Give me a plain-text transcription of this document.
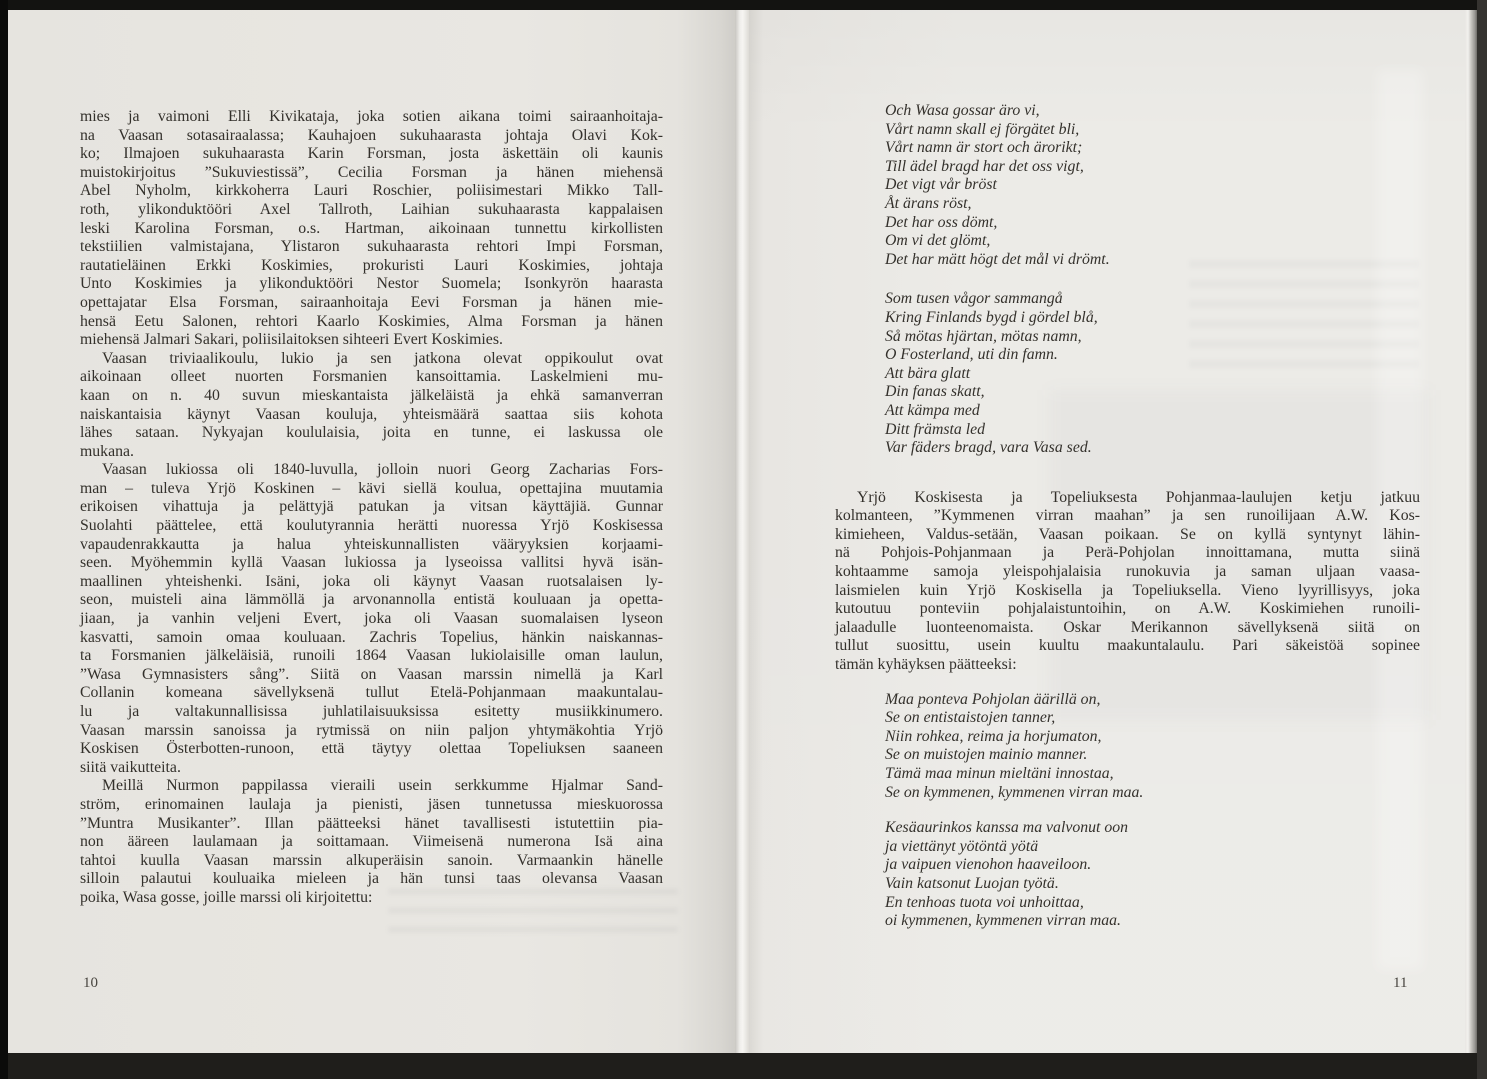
mies ja vaimoni Elli Kivikataja, joka sotien aikana toimi sairaanhoitaja-
na Vaasan sotasairaalassa; Kauhajoen sukuhaarasta johtaja Olavi Kok-
ko; Ilmajoen sukuhaarasta Karin Forsman, josta äskettäin oli kaunis
muistokirjoitus ”Sukuviestissä”, Cecilia Forsman ja hänen miehensä
Abel Nyholm, kirkkoherra Lauri Roschier, poliisimestari Mikko Tall-
roth, ylikonduktööri Axel Tallroth, Laihian sukuhaarasta kappalaisen
leski Karolina Forsman, o.s. Hartman, aikoinaan tunnettu kirkollisten
tekstiilien valmistajana, Ylistaron sukuhaarasta rehtori Impi Forsman,
rautatieläinen Erkki Koskimies, prokuristi Lauri Koskimies, johtaja
Unto Koskimies ja ylikonduktööri Nestor Suomela; Isonkyrön haarasta
opettajatar Elsa Forsman, sairaanhoitaja Eevi Forsman ja hänen mie-
hensä Eetu Salonen, rehtori Kaarlo Koskimies, Alma Forsman ja hänen
miehensä Jalmari Sakari, poliisilaitoksen sihteeri Evert Koskimies.
Vaasan triviaalikoulu, lukio ja sen jatkona olevat oppikoulut ovat
aikoinaan olleet nuorten Forsmanien kansoittamia. Laskelmieni mu-
kaan on n. 40 suvun mieskantaista jälkeläistä ja ehkä samanverran
naiskantaisia käynyt Vaasan kouluja, yhteismäärä saattaa siis kohota
lähes sataan. Nykyajan koululaisia, joita en tunne, ei laskussa ole
mukana.
Vaasan lukiossa oli 1840-luvulla, jolloin nuori Georg Zacharias Fors-
man – tuleva Yrjö Koskinen – kävi siellä koulua, opettajina muutamia
erikoisen vihattuja ja pelättyjä patukan ja vitsan käyttäjiä. Gunnar
Suolahti päättelee, että koulutyrannia herätti nuoressa Yrjö Koskisessa
vapaudenrakkautta ja halua yhteiskunnallisten vääryyksien korjaami-
seen. Myöhemmin kyllä Vaasan lukiossa ja lyseoissa vallitsi hyvä isän-
maallinen yhteishenki. Isäni, joka oli käynyt Vaasan ruotsalaisen ly-
seon, muisteli aina lämmöllä ja arvonannolla entistä kouluaan ja opetta-
jiaan, ja vanhin veljeni Evert, joka oli Vaasan suomalaisen lyseon
kasvatti, samoin omaa kouluaan. Zachris Topelius, hänkin naiskannas-
ta Forsmanien jälkeläisiä, runoili 1864 Vaasan lukiolaisille oman laulun,
”Wasa Gymnasisters sång”. Siitä on Vaasan marssin nimellä ja Karl
Collanin komeana sävellyksenä tullut Etelä-Pohjanmaan maakuntalau-
lu ja valtakunnallisissa juhlatilaisuuksissa esitetty musiikkinumero.
Vaasan marssin sanoissa ja rytmissä on niin paljon yhtymäkohtia Yrjö
Koskisen Österbotten-runoon, että täytyy olettaa Topeliuksen saaneen
siitä vaikutteita.
Meillä Nurmon pappilassa vieraili usein serkkumme Hjalmar Sand-
ström, erinomainen laulaja ja pienisti, jäsen tunnetussa mieskuorossa
”Muntra Musikanter”. Illan päätteeksi hänet tavallisesti istutettiin pia-
non ääreen laulamaan ja soittamaan. Viimeisenä numerona Isä aina
tahtoi kuulla Vaasan marssin alkuperäisin sanoin. Varmaankin hänelle
silloin palautui kouluaika mieleen ja hän tunsi taas olevansa Vaasan
poika, Wasa gosse, joille marssi oli kirjoitettu:
10
Och Wasa gossar äro vi,
Vårt namn skall ej förgätet bli,
Vårt namn är stort och ärorikt;
Till ädel bragd har det oss vigt,
Det vigt vår bröst
Åt ärans röst,
Det har oss dömt,
Om vi det glömt,
Det har mätt högt det mål vi drömt.
Som tusen vågor sammangå
Kring Finlands bygd i gördel blå,
Så mötas hjärtan, mötas namn,
O Fosterland, uti din famn.
Att bära glatt
Din fanas skatt,
Att kämpa med
Ditt främsta led
Var fäders bragd, vara Vasa sed.
Yrjö Koskisesta ja Topeliuksesta Pohjanmaa-laulujen ketju jatkuu
kolmanteen, ”Kymmenen virran maahan” ja sen runoilijaan A.W. Kos-
kimieheen, Valdus-setään, Vaasan poikaan. Se on kyllä syntynyt lähin-
nä Pohjois-Pohjanmaan ja Perä-Pohjolan innoittamana, mutta siinä
kohtaamme samoja yleispohjalaisia runokuvia ja saman uljaan vaasa-
laismielen kuin Yrjö Koskisella ja Topeliuksella. Vieno lyyrillisyys, joka
kutoutuu ponteviin pohjalaistuntoihin, on A.W. Koskimiehen runoili-
jalaadulle luonteenomaista. Oskar Merikannon sävellyksenä siitä on
tullut suosittu, usein kuultu maakuntalaulu. Pari säkeistöä sopinee
tämän kyhäyksen päätteeksi:
Maa ponteva Pohjolan äärillä on,
Se on entistaistojen tanner,
Niin rohkea, reima ja horjumaton,
Se on muistojen mainio manner.
Tämä maa minun mieltäni innostaa,
Se on kymmenen, kymmenen virran maa.
Kesäaurinkos kanssa ma valvonut oon
ja viettänyt yötöntä yötä
ja vaipuen vienohon haaveiloon.
Vain katsonut Luojan työtä.
En tenhoas tuota voi unhoittaa,
oi kymmenen, kymmenen virran maa.
11
